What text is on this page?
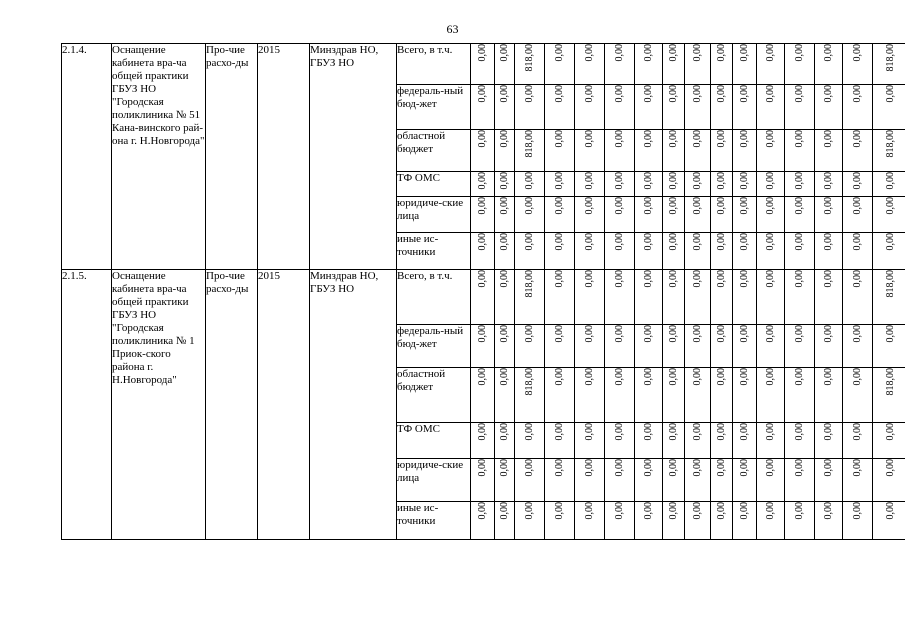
63
2.1.4.	Оснащение кабинета вра-ча общей практики ГБУЗ НО "Городская поликлиника № 51 Кана-винского рай-она г. Н.Новгорода"	Про-чие расхо-ды	2015	Минздрав НО, ГБУЗ НО	Всего, в т.ч.	0,00	0,00	818,00	0,00	0,00	0,00	0,00	0,00	0,00	0,00	0,00	0,00	0,00	0,00	0,00	818,00
					федераль-ный бюд-жет	0,00	0,00	0,00	0,00	0,00	0,00	0,00	0,00	0,00	0,00	0,00	0,00	0,00	0,00	0,00	0,00
					областной бюджет	0,00	0,00	818,00	0,00	0,00	0,00	0,00	0,00	0,00	0,00	0,00	0,00	0,00	0,00	0,00	818,00
					ТФ ОМС	0,00	0,00	0,00	0,00	0,00	0,00	0,00	0,00	0,00	0,00	0,00	0,00	0,00	0,00	0,00	0,00
					юридиче-ские лица	0,00	0,00	0,00	0,00	0,00	0,00	0,00	0,00	0,00	0,00	0,00	0,00	0,00	0,00	0,00	0,00
					иные ис-точники	0,00	0,00	0,00	0,00	0,00	0,00	0,00	0,00	0,00	0,00	0,00	0,00	0,00	0,00	0,00	0,00
2.1.5.	Оснащение кабинета вра-ча общей практики ГБУЗ НО "Городская поликлиника № 1 Приок-ского района г. Н.Новгорода"	Про-чие расхо-ды	2015	Минздрав НО, ГБУЗ НО	Всего, в т.ч.	0,00	0,00	818,00	0,00	0,00	0,00	0,00	0,00	0,00	0,00	0,00	0,00	0,00	0,00	0,00	818,00
					федераль-ный бюд-жет	0,00	0,00	0,00	0,00	0,00	0,00	0,00	0,00	0,00	0,00	0,00	0,00	0,00	0,00	0,00	0,00
					областной бюджет	0,00	0,00	818,00	0,00	0,00	0,00	0,00	0,00	0,00	0,00	0,00	0,00	0,00	0,00	0,00	818,00
					ТФ ОМС	0,00	0,00	0,00	0,00	0,00	0,00	0,00	0,00	0,00	0,00	0,00	0,00	0,00	0,00	0,00	0,00
					юридиче-ские лица	0,00	0,00	0,00	0,00	0,00	0,00	0,00	0,00	0,00	0,00	0,00	0,00	0,00	0,00	0,00	0,00
					иные ис-точники	0,00	0,00	0,00	0,00	0,00	0,00	0,00	0,00	0,00	0,00	0,00	0,00	0,00	0,00	0,00	0,00
